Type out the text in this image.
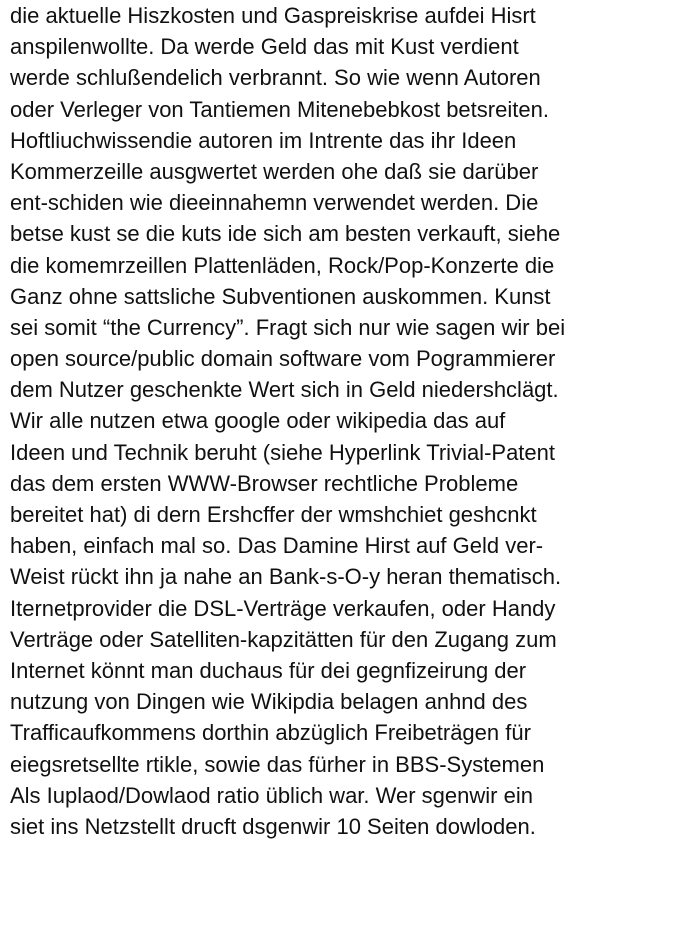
die aktuelle Hiszkosten und Gaspreiskrise aufdei Hisrt
anspilenwollte. Da werde Geld das mit Kust verdient
werde schlußendelich verbrannt. So wie wenn Autoren
oder Verleger von Tantiemen Mitenebebkost betsreiten.
Hoftliuchwissendie autoren im Intrente das ihr Ideen
Kommerzeille ausgwertet werden ohe daß sie darüber
ent-schiden wie dieeinnahemn verwendet werden. Die
betse kust se die kuts ide sich am besten verkauft, siehe
die komemrzeillen Plattenläden, Rock/Pop-Konzerte die
Ganz ohne sattsliche Subventionen auskommen. Kunst
sei somit “the Currency”. Fragt sich nur wie sagen wir bei
open source/public domain software vom Pogrammierer
dem Nutzer geschenkte Wert sich in Geld niedershclägt.
Wir alle nutzen etwa google oder wikipedia das auf
Ideen und Technik beruht (siehe Hyperlink Trivial-Patent
das dem ersten WWW-Browser rechtliche Probleme
bereitet hat) di dern Ershcffer der wmshchiet geshcnkt
haben, einfach mal so. Das Damine Hirst auf Geld ver-
Weist rückt ihn ja nahe an Bank-s-O-y heran thematisch.
Iternetprovider die DSL-Verträge verkaufen, oder Handy
Verträge oder Satelliten-kapzitätten für den Zugang zum
Internet könnt man duchaus für dei gegnfizeirung der
nutzung von Dingen wie Wikipdia belagen anhnd des
Trafficaufkommens dorthin abzüglich Freibeträgen für
eiegsretsellte rtikle, sowie das fürher in BBS-Systemen
Als Iuplaod/Dowlaod ratio üblich war. Wer sgenwir ein
siet ins Netzstellt drucft dsgenwir 10 Seiten dowloden.
